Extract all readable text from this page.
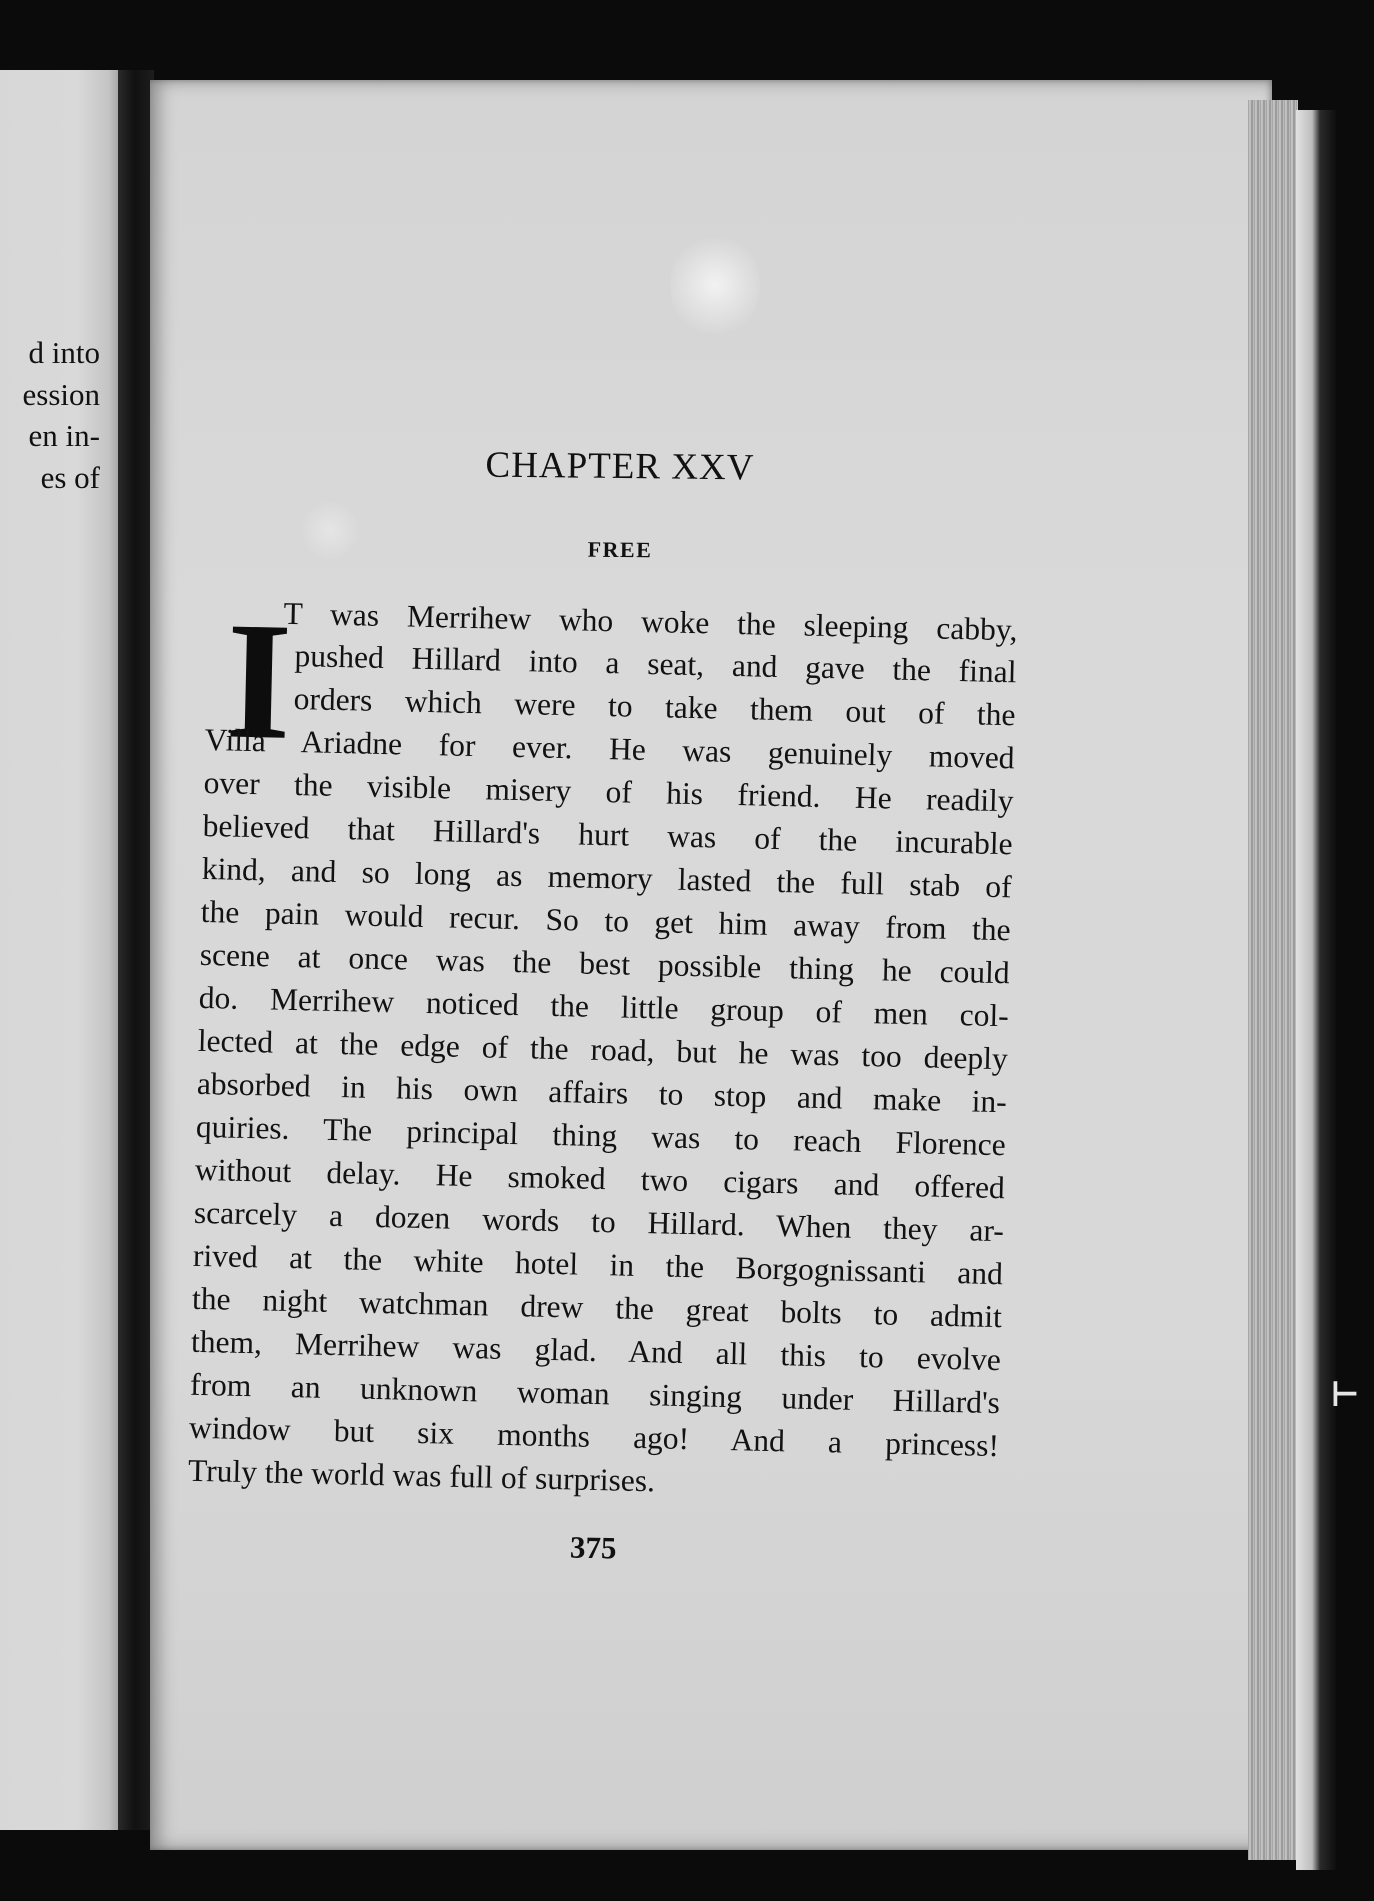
d into
ession
en in-
es of	CHAPTER XXV
FREE
I
T was Merrihew who woke the sleeping cabby,
pushed Hillard into a seat, and gave the final
orders which were to take them out of the
Villa Ariadne for ever. He was genuinely moved
over the visible misery of his friend. He readily
believed that Hillard's hurt was of the incurable
kind, and so long as memory lasted the full stab of
the pain would recur. So to get him away from the
scene at once was the best possible thing he could
do. Merrihew noticed the little group of men col-
lected at the edge of the road, but he was too deeply
absorbed in his own affairs to stop and make in-
quiries. The principal thing was to reach Florence
without delay. He smoked two cigars and offered
scarcely a dozen words to Hillard. When they ar-
rived at the white hotel in the Borgognissanti and
the night watchman drew the great bolts to admit
them, Merrihew was glad. And all this to evolve
from an unknown woman singing under Hillard's
window but six months ago! And a princess!
Truly the world was full of surprises.
375
⊢
